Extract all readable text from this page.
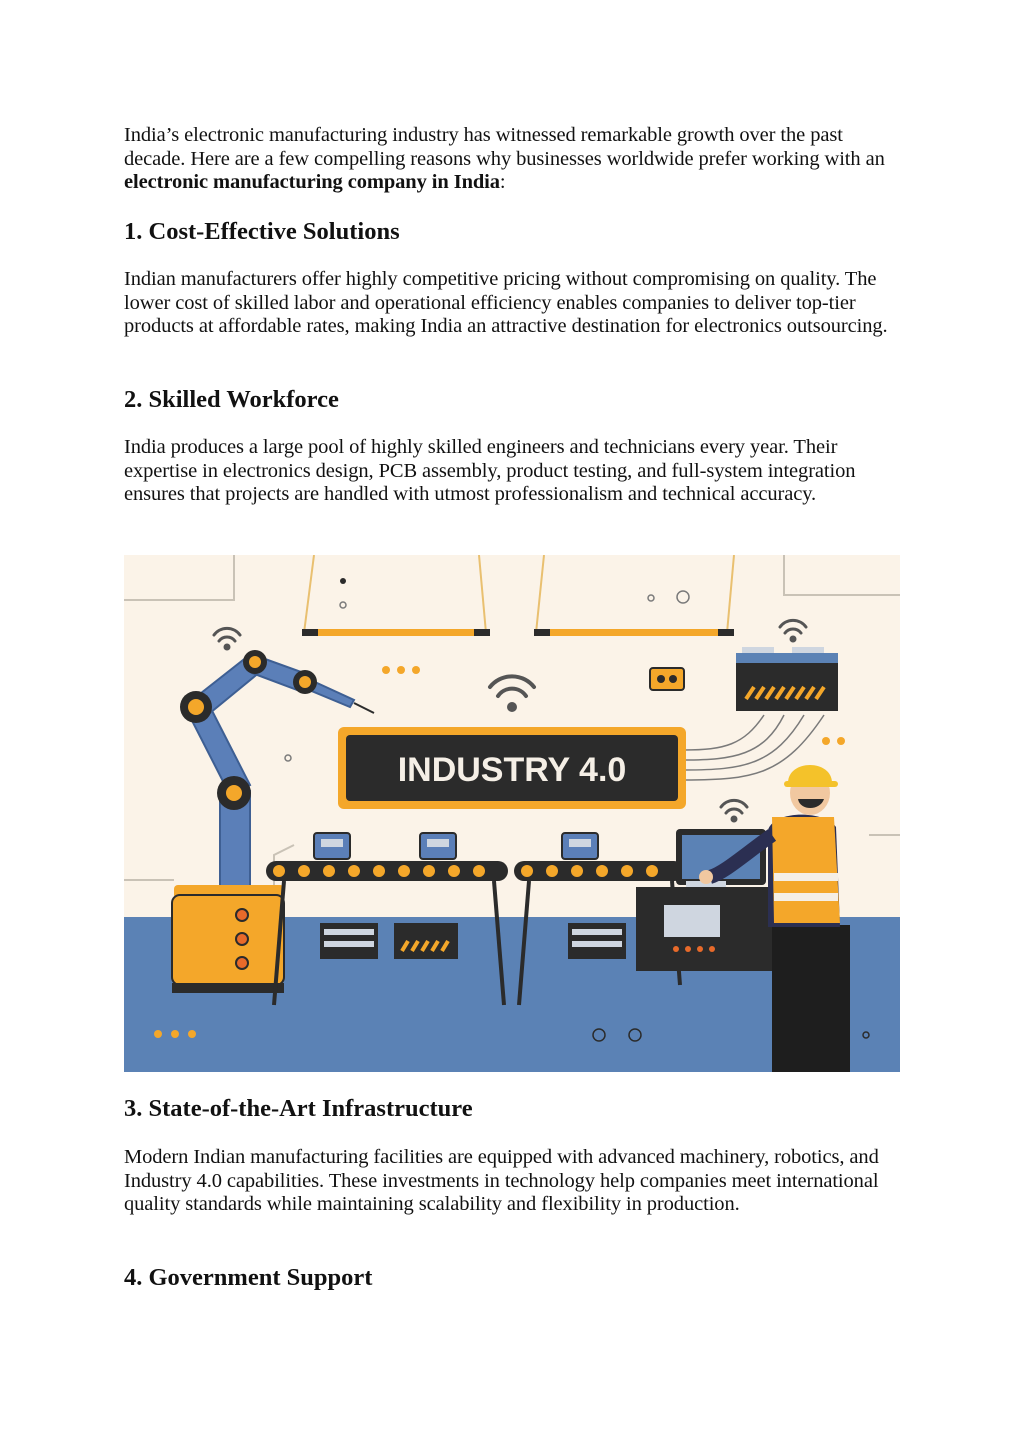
India’s electronic manufacturing industry has witnessed remarkable growth over the past decade. Here are a few compelling reasons why businesses worldwide prefer working with an electronic manufacturing company in India:

1. Cost-Effective Solutions

Indian manufacturers offer highly competitive pricing without compromising on quality. The lower cost of skilled labor and operational efficiency enables companies to deliver top-tier products at affordable rates, making India an attractive destination for electronics outsourcing.

2. Skilled Workforce

India produces a large pool of highly skilled engineers and technicians every year. Their expertise in electronics design, PCB assembly, product testing, and full-system integration ensures that projects are handled with utmost professionalism and technical accuracy.

INDUSTRY 4.0
3. State-of-the-Art Infrastructure

Modern Indian manufacturing facilities are equipped with advanced machinery, robotics, and Industry 4.0 capabilities. These investments in technology help companies meet international quality standards while maintaining scalability and flexibility in production.

4. Government Support
